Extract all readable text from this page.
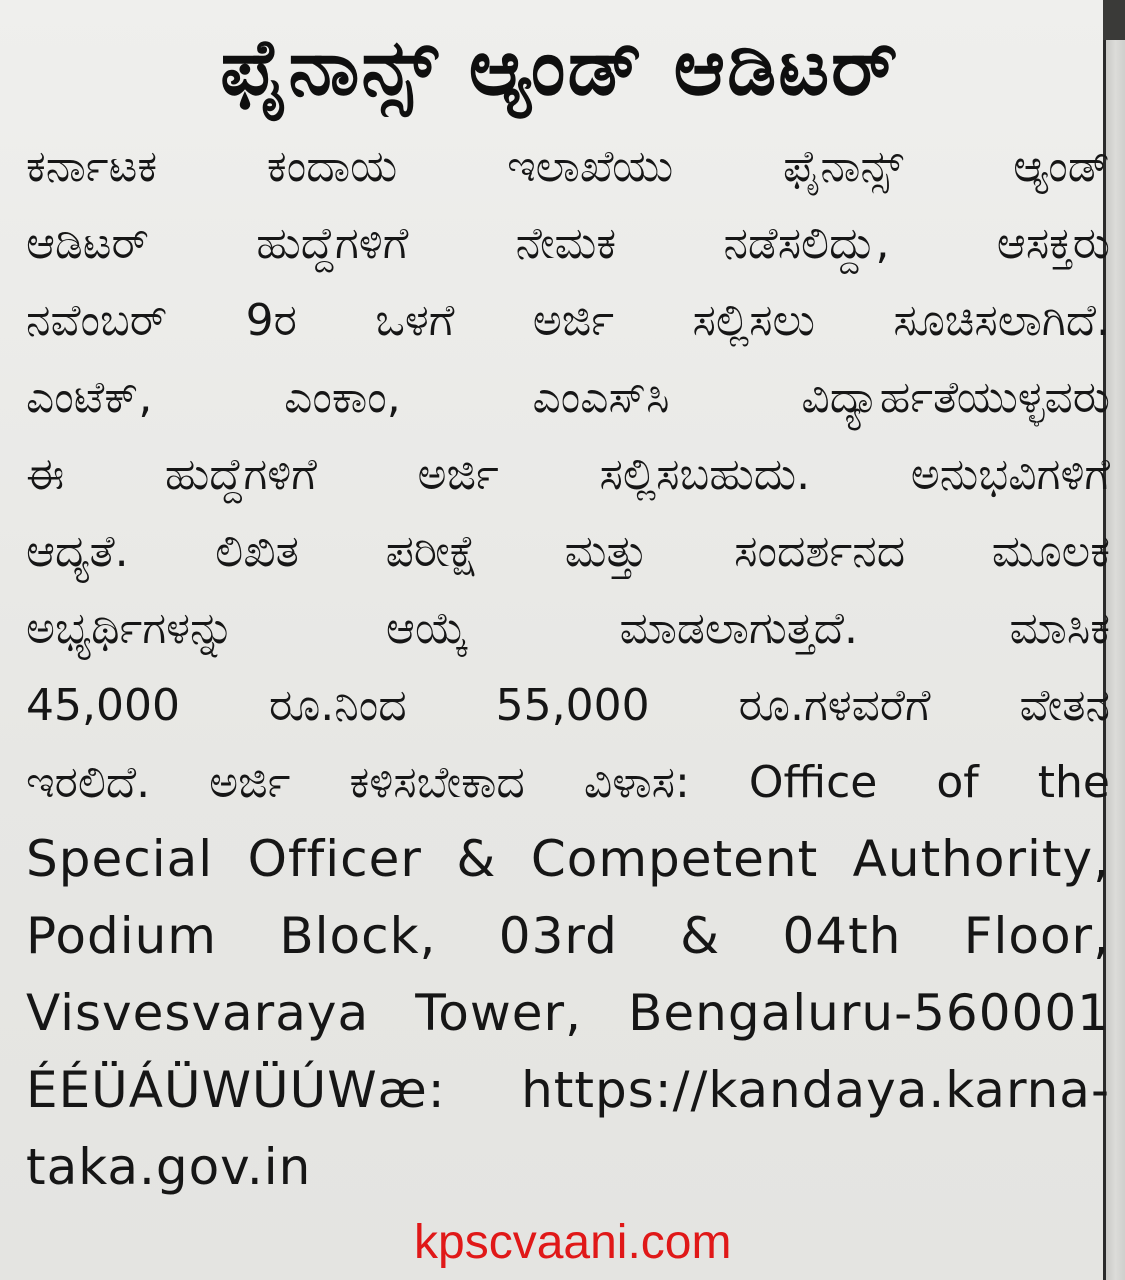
ಫೈನಾನ್ಸ್ ಆ್ಯಂಡ್ ಆಡಿಟರ್
ಕರ್ನಾಟಕ ಕಂದಾಯ ಇಲಾಖೆಯು ಫೈನಾನ್ಸ್ ಆ್ಯಂಡ್
ಆಡಿಟರ್ ಹುದ್ದೆಗಳಿಗೆ ನೇಮಕ ನಡೆಸಲಿದ್ದು, ಆಸಕ್ತರು
ನವೆಂಬರ್ 9ರ ಒಳಗೆ ಅರ್ಜಿ ಸಲ್ಲಿಸಲು ಸೂಚಿಸಲಾಗಿದೆ.
ಎಂಟೆಕ್, ಎಂಕಾಂ, ಎಂಎಸ್‌ಸಿ ವಿದ್ಯಾರ್ಹತೆಯುಳ್ಳವರು
ಈ ಹುದ್ದೆಗಳಿಗೆ ಅರ್ಜಿ ಸಲ್ಲಿಸಬಹುದು. ಅನುಭವಿಗಳಿಗೆ
ಆದ್ಯತೆ. ಲಿಖಿತ ಪರೀಕ್ಷೆ ಮತ್ತು ಸಂದರ್ಶನದ ಮೂಲಕ
ಅಭ್ಯರ್ಥಿಗಳನ್ನು ಆಯ್ಕೆ ಮಾಡಲಾಗುತ್ತದೆ. ಮಾಸಿಕ
45,000 ರೂ.ನಿಂದ 55,000 ರೂ.ಗಳವರೆಗೆ ವೇತನ
ಇರಲಿದೆ. ಅರ್ಜಿ ಕಳಿಸಬೇಕಾದ ವಿಳಾಸ: Office of the
Special Officer & Competent Authority,
Podium Block, 03rd & 04th Floor,
Visvesvaraya Tower, Bengaluru-560001
ÉÉÜÁÜWÜÚWæ: https://kandaya.karna-
taka.gov.in
kpscvaani.com
